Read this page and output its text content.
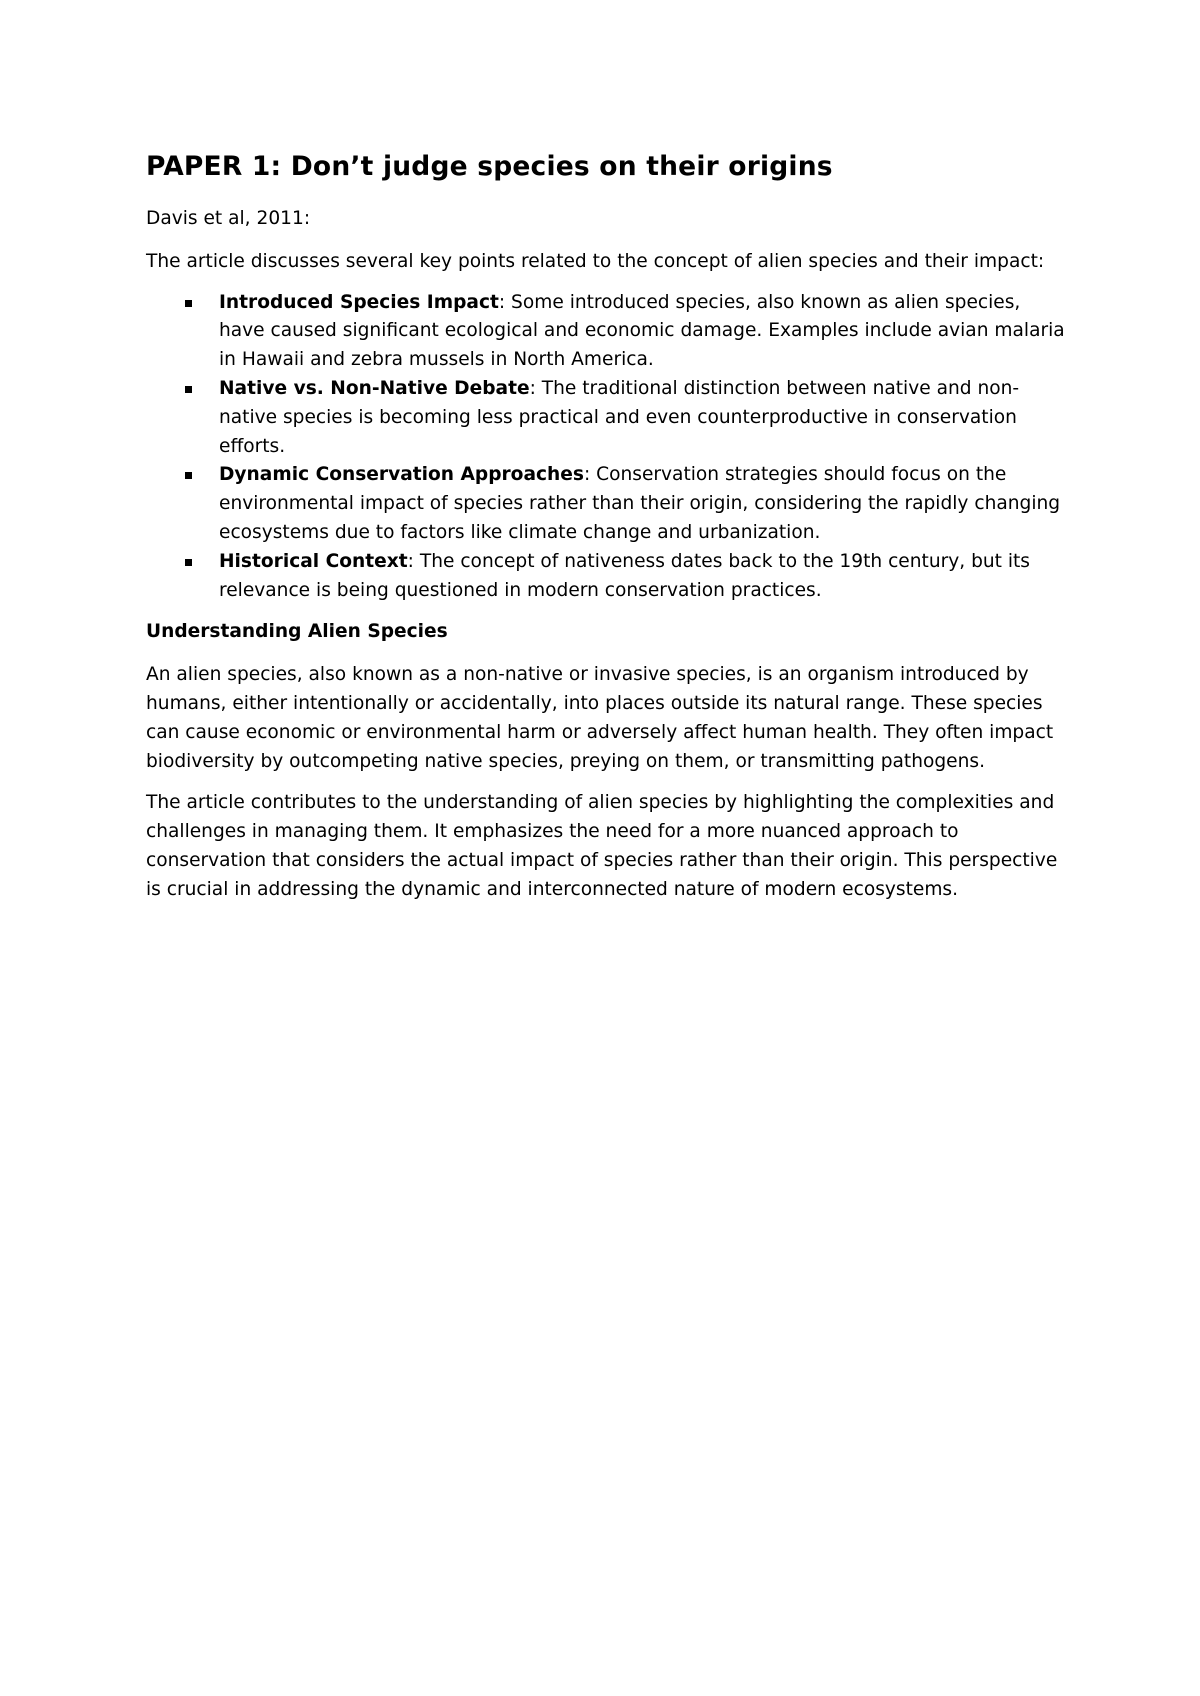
PAPER 1: Don’t judge species on their origins

Davis et al, 2011:

The article discusses several key points related to the concept of alien species and their impact:

Introduced Species Impact: Some introduced species, also known as alien species, have caused significant ecological and economic damage. Examples include avian malaria in Hawaii and zebra mussels in North America.
Native vs. Non-Native Debate: The traditional distinction between native and non-native species is becoming less practical and even counterproductive in conservation efforts.
Dynamic Conservation Approaches: Conservation strategies should focus on the environmental impact of species rather than their origin, considering the rapidly changing ecosystems due to factors like climate change and urbanization.
Historical Context: The concept of nativeness dates back to the 19th century, but its relevance is being questioned in modern conservation practices.
Understanding Alien Species

An alien species, also known as a non-native or invasive species, is an organism introduced by humans, either intentionally or accidentally, into places outside its natural range. These species can cause economic or environmental harm or adversely affect human health. They often impact biodiversity by outcompeting native species, preying on them, or transmitting pathogens.

The article contributes to the understanding of alien species by highlighting the complexities and challenges in managing them. It emphasizes the need for a more nuanced approach to conservation that considers the actual impact of species rather than their origin. This perspective is crucial in addressing the dynamic and interconnected nature of modern ecosystems.
